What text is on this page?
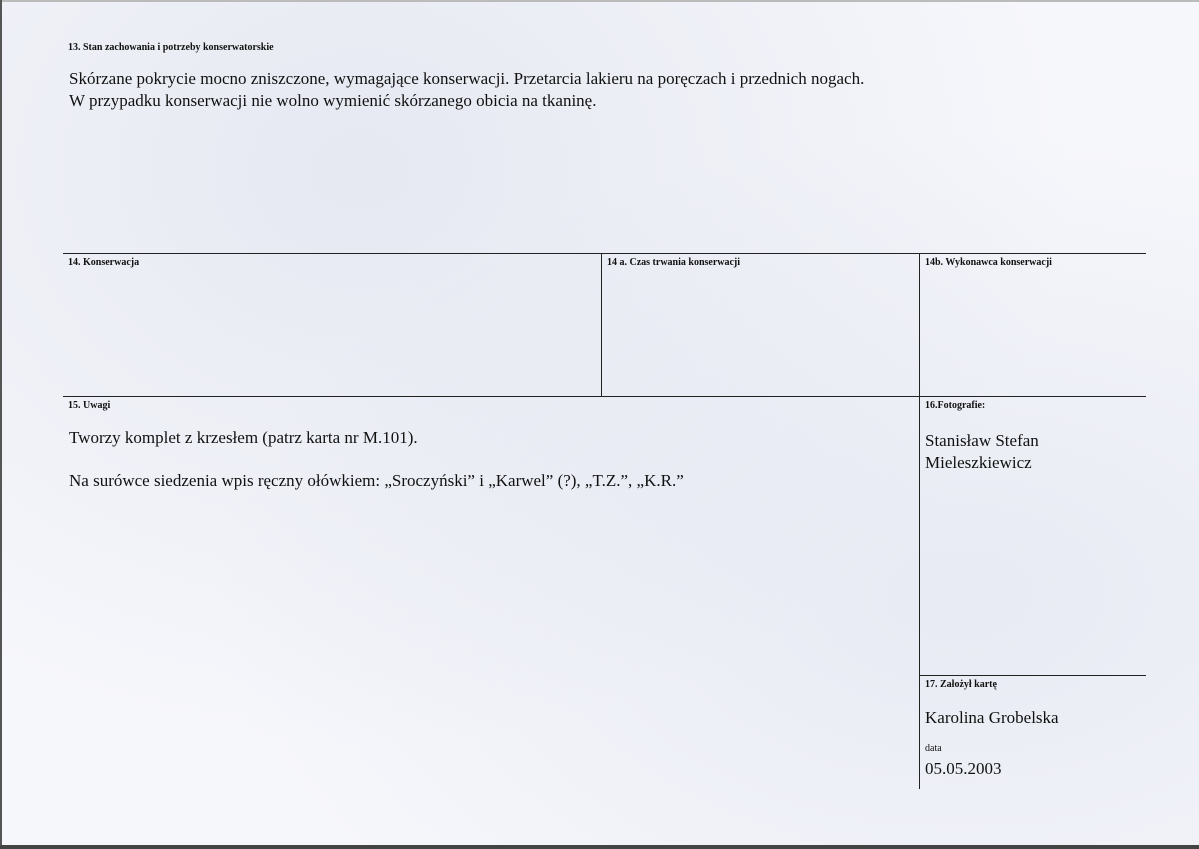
13. Stan zachowania i potrzeby konserwatorskie
Skórzane pokrycie mocno zniszczone, wymagające konserwacji. Przetarcia lakieru na poręczach i przednich nogach.
W przypadku konserwacji nie wolno wymienić skórzanego obicia na tkaninę.
14. Konserwacja	14 a. Czas trwania konserwacji	14b. Wykonawca konserwacji
15. Uwagi
Tworzy komplet z krzesłem (patrz karta nr M.101).
Na surówce siedzenia wpis ręczny ołówkiem: „Sroczyński” i „Karwel” (?), „T.Z.”, „K.R.”
16.Fotografie:
Stanisław Stefan
Mieleszkiewicz
17. Założył kartę
Karolina Grobelska
data
05.05.2003
